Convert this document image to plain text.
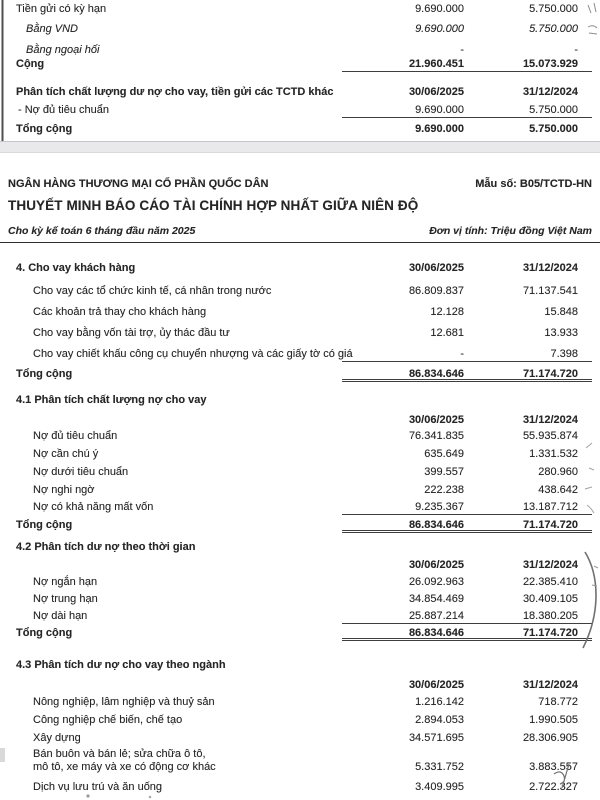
Tiền gửi có kỳ hạn	9.690.000	5.750.000
Bằng VND	9.690.000	5.750.000
Bằng ngoại hối	-	-
Cộng	21.960.451	15.073.929
Phân tích chất lượng dư nợ cho vay, tiền gửi các TCTD khác	30/06/2025	31/12/2024
- Nợ đủ tiêu chuẩn	9.690.000	5.750.000
Tổng cộng	9.690.000	5.750.000
NGÂN HÀNG THƯƠNG MẠI CỔ PHẦN QUỐC DÂN	Mẫu số: B05/TCTD-HN
THUYẾT MINH BÁO CÁO TÀI CHÍNH HỢP NHẤT GIỮA NIÊN ĐỘ
Cho kỳ kế toán 6 tháng đầu năm 2025	Đơn vị tính: Triệu đồng Việt Nam
4. Cho vay khách hàng	30/06/2025	31/12/2024
Cho vay các tổ chức kinh tế, cá nhân trong nước	86.809.837	71.137.541
Các khoản trả thay cho khách hàng	12.128	15.848
Cho vay bằng vốn tài trợ, ủy thác đầu tư	12.681	13.933
Cho vay chiết khấu công cụ chuyển nhượng và các giấy tờ có giá	-	7.398
Tổng cộng	86.834.646	71.174.720
4.1 Phân tích chất lượng nợ cho vay
30/06/2025	31/12/2024
Nợ đủ tiêu chuẩn	76.341.835	55.935.874
Nợ cần chú ý	635.649	1.331.532
Nợ dưới tiêu chuẩn	399.557	280.960
Nợ nghi ngờ	222.238	438.642
Nợ có khả năng mất vốn	9.235.367	13.187.712
Tổng cộng	86.834.646	71.174.720
4.2 Phân tích dư nợ theo thời gian
30/06/2025	31/12/2024
Nợ ngắn hạn	26.092.963	22.385.410
Nợ trung hạn	34.854.469	30.409.105
Nợ dài hạn	25.887.214	18.380.205
Tổng cộng	86.834.646	71.174.720
4.3 Phân tích dư nợ cho vay theo ngành
30/06/2025	31/12/2024
Nông nghiệp, lâm nghiệp và thuỷ sản	1.216.142	718.772
Công nghiệp chế biến, chế tạo	2.894.053	1.990.505
Xây dựng	34.571.695	28.306.905
Bán buôn và bán lẻ; sửa chữa ô tô,
mô tô, xe máy và xe có động cơ khác	5.331.752	3.883.557
Dịch vụ lưu trú và ăn uống	3.409.995	2.722.327
